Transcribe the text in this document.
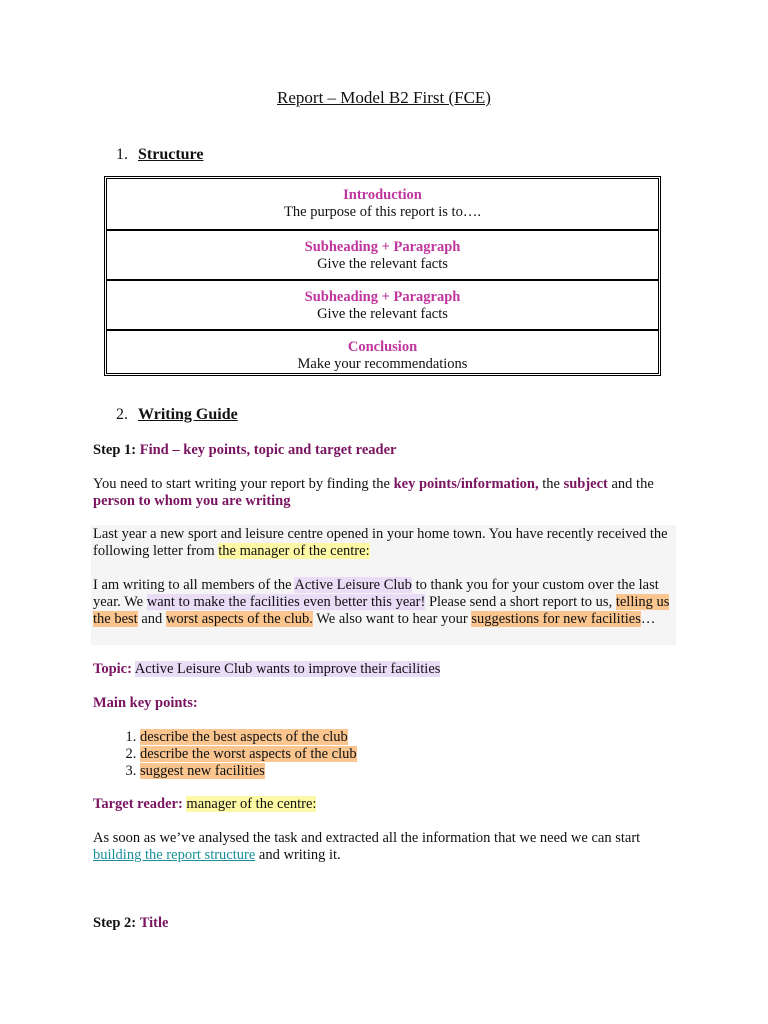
Report – Model B2 First (FCE)
1. Structure
Introduction
The purpose of this report is to….
Subheading + Paragraph
Give the relevant facts
Subheading + Paragraph
Give the relevant facts
Conclusion
Make your recommendations
2. Writing Guide
Step 1: Find – key points, topic and target reader
You need to start writing your report by finding the key points/information, the subject and the person to whom you are writing
Last year a new sport and leisure centre opened in your home town. You have recently received the following letter from the manager of the centre:
I am writing to all members of the Active Leisure Club to thank you for your custom over the last year. We want to make the facilities even better this year! Please send a short report to us, telling us the best and worst aspects of the club. We also want to hear your suggestions for new facilities…
Topic: Active Leisure Club wants to improve their facilities
Main key points:
1. describe the best aspects of the club
2. describe the worst aspects of the club
3. suggest new facilities
Target reader: manager of the centre:
As soon as we’ve analysed the task and extracted all the information that we need we can start building the report structure and writing it.
Step 2: Title
